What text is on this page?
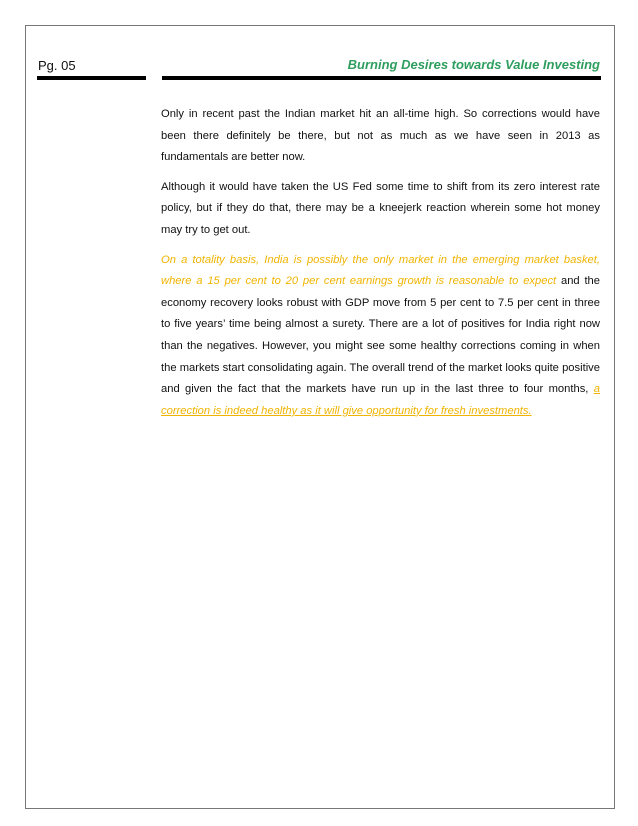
Pg. 05	Burning Desires towards Value Investing

Only in recent past the Indian market hit an all-time high. So corrections would have been there definitely be there, but not as much as we have seen in 2013 as fundamentals are better now.

Although it would have taken the US Fed some time to shift from its zero interest rate policy, but if they do that, there may be a kneejerk reaction wherein some hot money may try to get out.

On a totality basis, India is possibly the only market in the emerging market basket, where a 15 per cent to 20 per cent earnings growth is reasonable to expect and the economy recovery looks robust with GDP move from 5 per cent to 7.5 per cent in three to five years’ time being almost a surety. There are a lot of positives for India right now than the negatives. However, you might see some healthy corrections coming in when the markets start consolidating again. The overall trend of the market looks quite positive and given the fact that the markets have run up in the last three to four months, a correction is indeed healthy as it will give opportunity for fresh investments.
